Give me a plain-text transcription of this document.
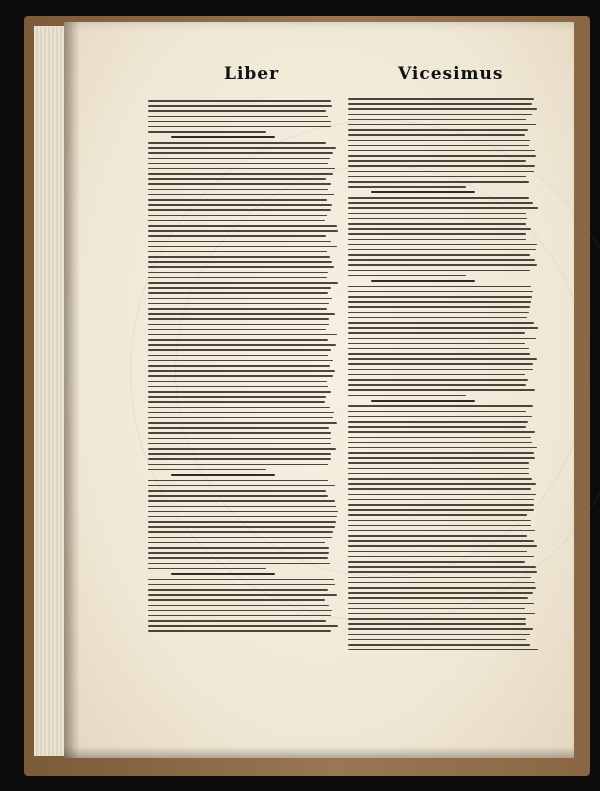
Liber	Vicesimus
